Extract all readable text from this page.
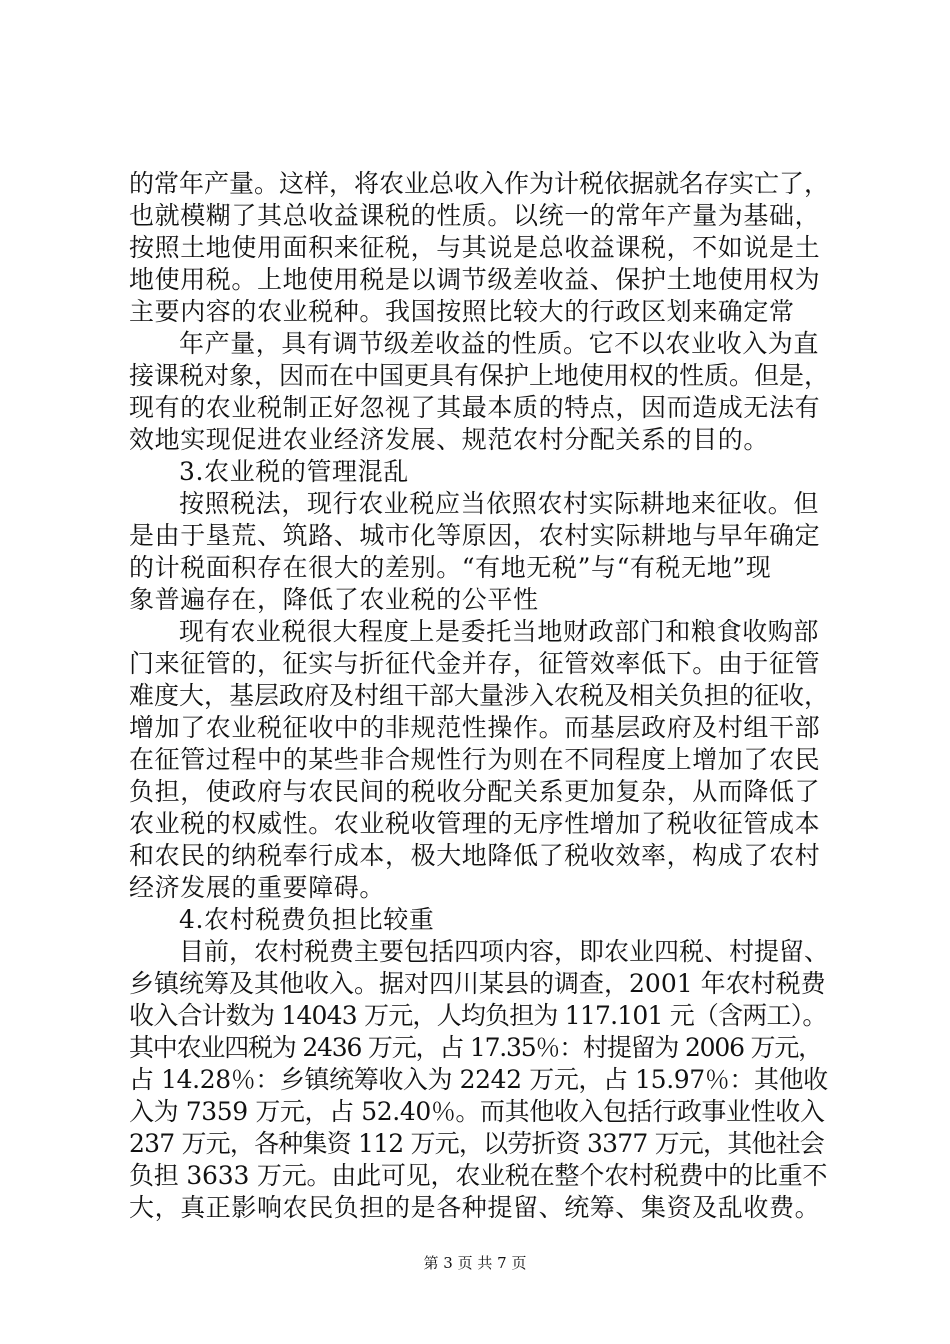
的常年产量。这样，将农业总收入作为计税依据就名存实亡了，
也就模糊了其总收益课税的性质。以统一的常年产量为基础，
按照土地使用面积来征税，与其说是总收益课税，不如说是土
地使用税。上地使用税是以调节级差收益、保护土地使用权为
主要内容的农业税种。我国按照比较大的行政区划来确定常
年产量，具有调节级差收益的性质。它不以农业收入为直
接课税对象，因而在中国更具有保护上地使用权的性质。但是，
现有的农业税制正好忽视了其最本质的特点，因而造成无法有
效地实现促进农业经济发展、规范农村分配关系的目的。
3.农业税的管理混乱
按照税法，现行农业税应当依照农村实际耕地来征收。但
是由于垦荒、筑路、城市化等原因，农村实际耕地与早年确定
的计税面积存在很大的差别。“有地无税”与“有税无地”现
象普遍存在，降低了农业税的公平性
现有农业税很大程度上是委托当地财政部门和粮食收购部
门来征管的，征实与折征代金并存，征管效率低下。由于征管
难度大，基层政府及村组干部大量涉入农税及相关负担的征收，
增加了农业税征收中的非规范性操作。而基层政府及村组干部
在征管过程中的某些非合规性行为则在不同程度上增加了农民
负担，使政府与农民间的税收分配关系更加复杂，从而降低了
农业税的权威性。农业税收管理的无序性增加了税收征管成本
和农民的纳税奉行成本，极大地降低了税收效率，构成了农村
经济发展的重要障碍。
4.农村税费负担比较重
目前，农村税费主要包括四项内容，即农业四税、村提留、
乡镇统筹及其他收入。据对四川某县的调查，2001 年农村税费
收入合计数为 14043 万元，人均负担为 117.101 元（含两工）。
其中农业四税为 2436 万元，占 17.35％：村提留为 2006 万元，
占 14.28％：乡镇统筹收入为 2242 万元，占 15.97％：其他收
入为 7359 万元，占 52.40％。而其他收入包括行政事业性收入
237 万元，各种集资 112 万元，以劳折资 3377 万元，其他社会
负担 3633 万元。由此可见，农业税在整个农村税费中的比重不
大，真正影响农民负担的是各种提留、统筹、集资及乱收费。
第 3 页 共 7 页
